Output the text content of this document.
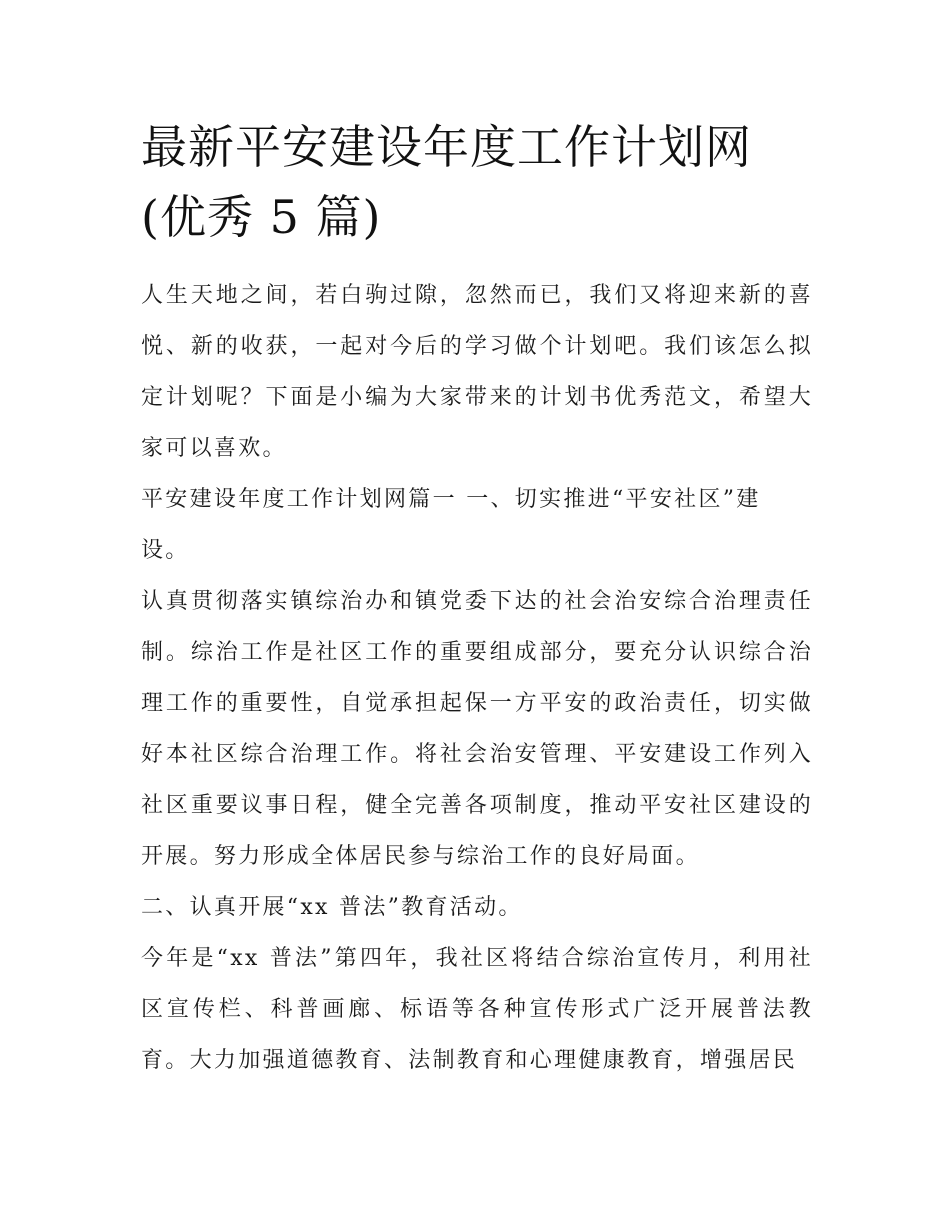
最新平安建设年度工作计划网
(优秀 5 篇)

人生天地之间，若白驹过隙，忽然而已，我们又将迎来新的喜悦、新的收获，一起对今后的学习做个计划吧。我们该怎么拟定计划呢？下面是小编为大家带来的计划书优秀范文，希望大家可以喜欢。

平安建设年度工作计划网篇一 一、切实推进“平安社区”建设。

认真贯彻落实镇综治办和镇党委下达的社会治安综合治理责任制。综治工作是社区工作的重要组成部分，要充分认识综合治理工作的重要性，自觉承担起保一方平安的政治责任，切实做好本社区综合治理工作。将社会治安管理、平安建设工作列入社区重要议事日程，健全完善各项制度，推动平安社区建设的开展。努力形成全体居民参与综治工作的良好局面。

二、认真开展“xx 普法”教育活动。

今年是“xx 普法”第四年，我社区将结合综治宣传月，利用社区宣传栏、科普画廊、标语等各种宣传形式广泛开展普法教育。大力加强道德教育、法制教育和心理健康教育，增强居民
